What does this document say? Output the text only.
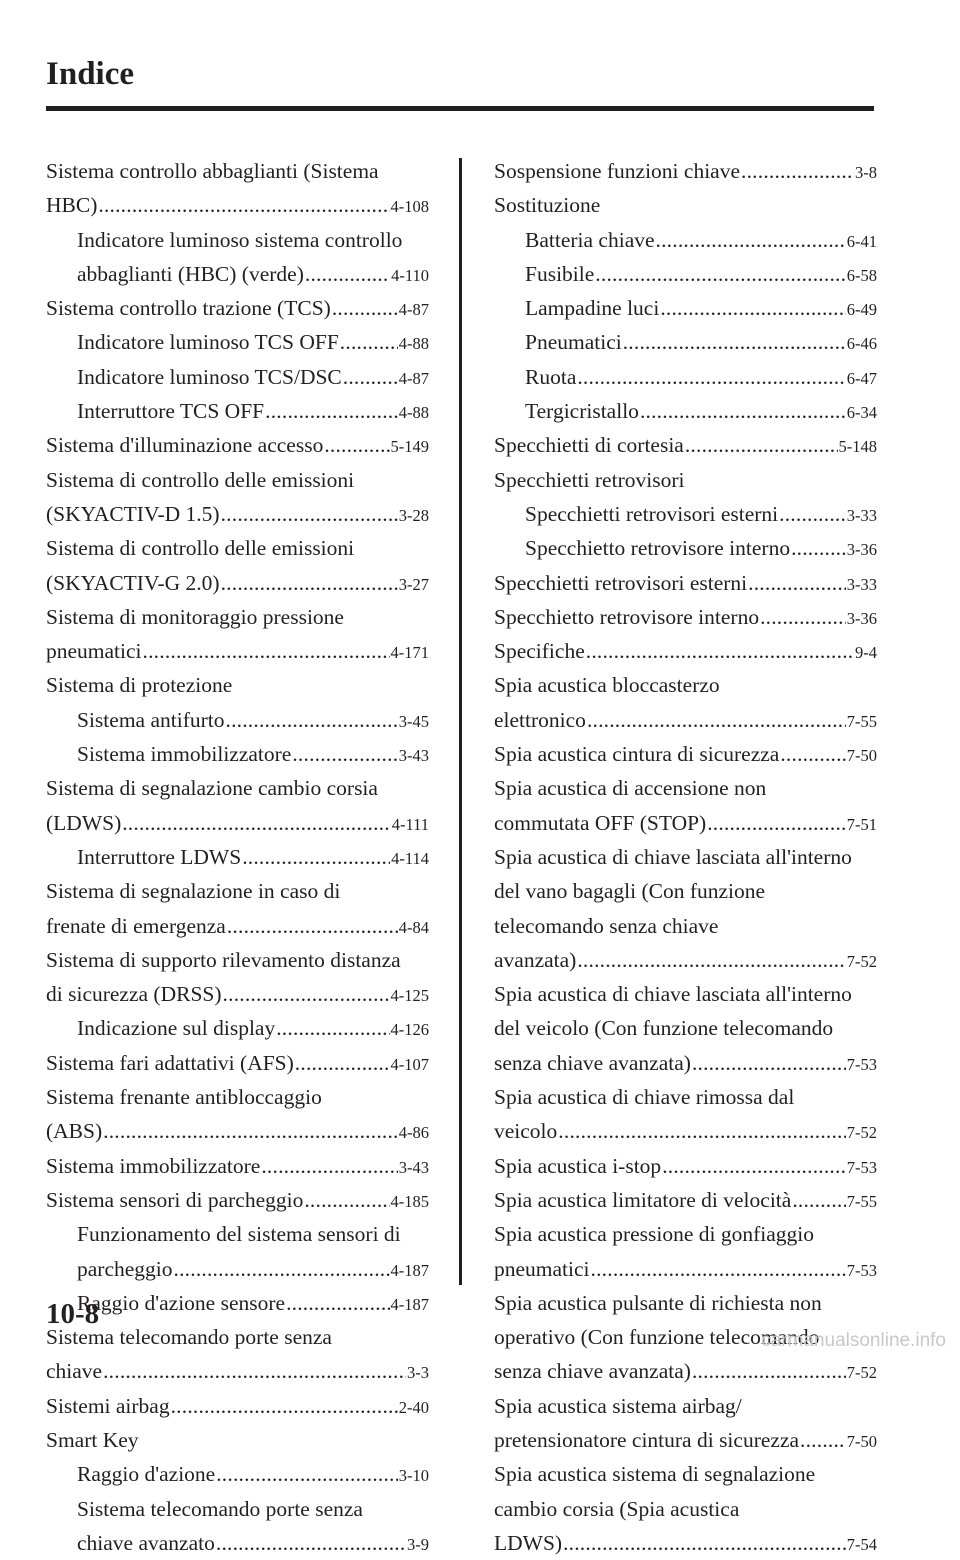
Indice
Sistema controllo abbaglianti (Sistema
HBC) .....	4-108
Indicatore luminoso sistema controllo
abbaglianti (HBC) (verde) .....	4-110
Sistema controllo trazione (TCS) .....	4-87
Indicatore luminoso TCS OFF .....	4-88
Indicatore luminoso TCS/DSC .....	4-87
Interruttore TCS OFF .....	4-88
Sistema d'illuminazione accesso .....	5-149
Sistema di controllo delle emissioni
(SKYACTIV-D 1.5) .....	3-28
Sistema di controllo delle emissioni
(SKYACTIV-G 2.0) .....	3-27
Sistema di monitoraggio pressione
pneumatici .....	4-171
Sistema di protezione
Sistema antifurto .....	3-45
Sistema immobilizzatore .....	3-43
Sistema di segnalazione cambio corsia
(LDWS) .....	4-111
Interruttore LDWS .....	4-114
Sistema di segnalazione in caso di
frenate di emergenza .....	4-84
Sistema di supporto rilevamento distanza
di sicurezza (DRSS) .....	4-125
Indicazione sul display .....	4-126
Sistema fari adattativi (AFS) .....	4-107
Sistema frenante antibloccaggio
(ABS) .....	4-86
Sistema immobilizzatore .....	3-43
Sistema sensori di parcheggio .....	4-185
Funzionamento del sistema sensori di
parcheggio .....	4-187
Raggio d'azione sensore .....	4-187
Sistema telecomando porte senza
chiave .....	3-3
Sistemi airbag .....	2-40
Smart Key
Raggio d'azione .....	3-10
Sistema telecomando porte senza
chiave avanzato .....	3-9
Sospensione funzioni chiave .....	3-8
Sostituzione
Batteria chiave .....	6-41
Fusibile .....	6-58
Lampadine luci .....	6-49
Pneumatici .....	6-46
Ruota .....	6-47
Tergicristallo .....	6-34
Specchietti di cortesia .....	5-148
Specchietti retrovisori
Specchietti retrovisori esterni .....	3-33
Specchietto retrovisore interno .....	3-36
Specchietti retrovisori esterni .....	3-33
Specchietto retrovisore interno .....	3-36
Specifiche .....	9-4
Spia acustica bloccasterzo
elettronico .....	7-55
Spia acustica cintura di sicurezza .....	7-50
Spia acustica di accensione non
commutata OFF (STOP) .....	7-51
Spia acustica di chiave lasciata all'interno
del vano bagagli (Con funzione
telecomando senza chiave
avanzata) .....	7-52
Spia acustica di chiave lasciata all'interno
del veicolo (Con funzione telecomando
senza chiave avanzata) .....	7-53
Spia acustica di chiave rimossa dal
veicolo .....	7-52
Spia acustica i-stop .....	7-53
Spia acustica limitatore di velocità .....	7-55
Spia acustica pressione di gonfiaggio
pneumatici .....	7-53
Spia acustica pulsante di richiesta non
operativo (Con funzione telecomando
senza chiave avanzata) .....	7-52
Spia acustica sistema airbag/
pretensionatore cintura di sicurezza .....	7-50
Spia acustica sistema di segnalazione
cambio corsia (Spia acustica
LDWS) .....	7-54
10-8
carmanualsonline.info
